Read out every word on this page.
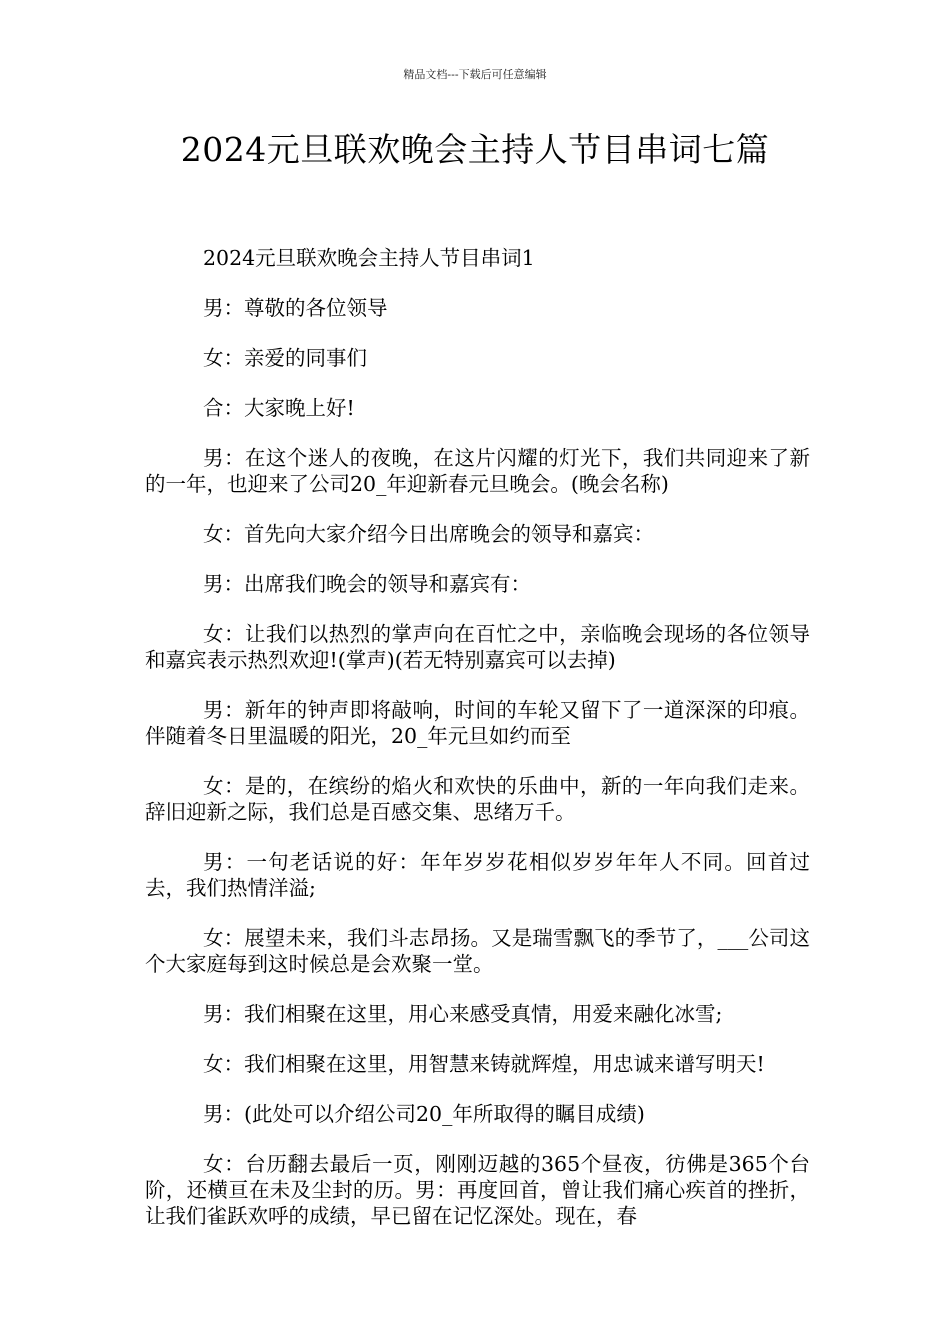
精品文档---下载后可任意编辑
2024元旦联欢晚会主持人节目串词七篇

2024元旦联欢晚会主持人节目串词1

男：尊敬的各位领导

女：亲爱的同事们

合：大家晚上好!

男：在这个迷人的夜晚，在这片闪耀的灯光下，我们共同迎来了新的一年，也迎来了公司20_年迎新春元旦晚会。(晚会名称)

女：首先向大家介绍今日出席晚会的领导和嘉宾：

男：出席我们晚会的领导和嘉宾有：

女：让我们以热烈的掌声向在百忙之中，亲临晚会现场的各位领导和嘉宾表示热烈欢迎!(掌声)(若无特别嘉宾可以去掉)

男：新年的钟声即将敲响，时间的车轮又留下了一道深深的印痕。伴随着冬日里温暖的阳光，20_年元旦如约而至

女：是的，在缤纷的焰火和欢快的乐曲中，新的一年向我们走来。辞旧迎新之际，我们总是百感交集、思绪万千。

男：一句老话说的好：年年岁岁花相似岁岁年年人不同。回首过去，我们热情洋溢;

女：展望未来，我们斗志昂扬。又是瑞雪飘飞的季节了，___公司这个大家庭每到这时候总是会欢聚一堂。

男：我们相聚在这里，用心来感受真情，用爱来融化冰雪;

女：我们相聚在这里，用智慧来铸就辉煌，用忠诚来谱写明天!

男：(此处可以介绍公司20_年所取得的瞩目成绩)

女：台历翻去最后一页，刚刚迈越的365个昼夜，彷佛是365个台阶，还横亘在未及尘封的历。男：再度回首，曾让我们痛心疾首的挫折，让我们雀跃欢呼的成绩，早已留在记忆深处。现在，春
